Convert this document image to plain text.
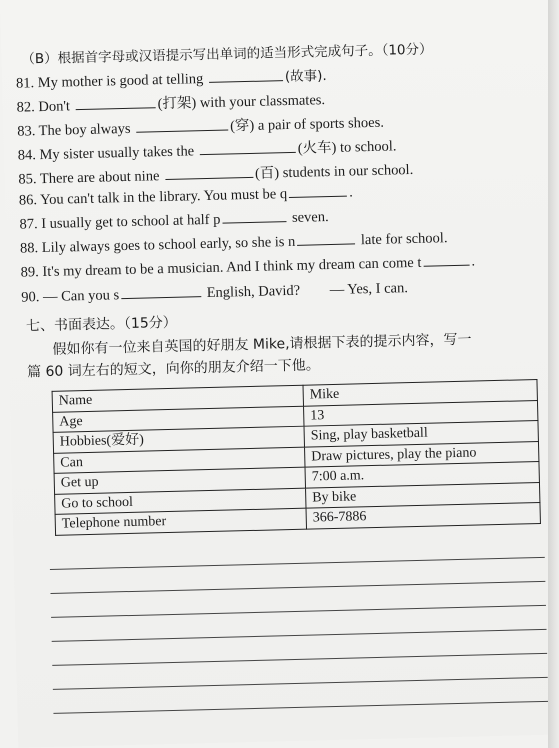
（B）根据首字母或汉语提示写出单词的适当形式完成句子。（10分）
81. My mother is good at telling	(故事).
82. Don't	(打架) with your classmates.
83. The boy always	(穿) a pair of sports shoes.
84. My sister usually takes the	(火车) to school.
85. There are about nine	(百) students in our school.
86. You can't talk in the library. You must be q	.
87. I usually get to school at half p	seven.
88. Lily always goes to school early, so she is n	late for school.
89. It's my dream to be a musician. And I think my dream can come t	.
90. — Can you s	English, David? — Yes, I can.
七、书面表达。（15分）
假如你有一位来自英国的好朋友 Mike,请根据下表的提示内容，写一
篇 60 词左右的短文，向你的朋友介绍一下他。
Name	Mike
Age	13
Hobbies(爱好)	Sing, play basketball
Can	Draw pictures, play the piano
Get up	7:00 a.m.
Go to school	By bike
Telephone number	366-7886
